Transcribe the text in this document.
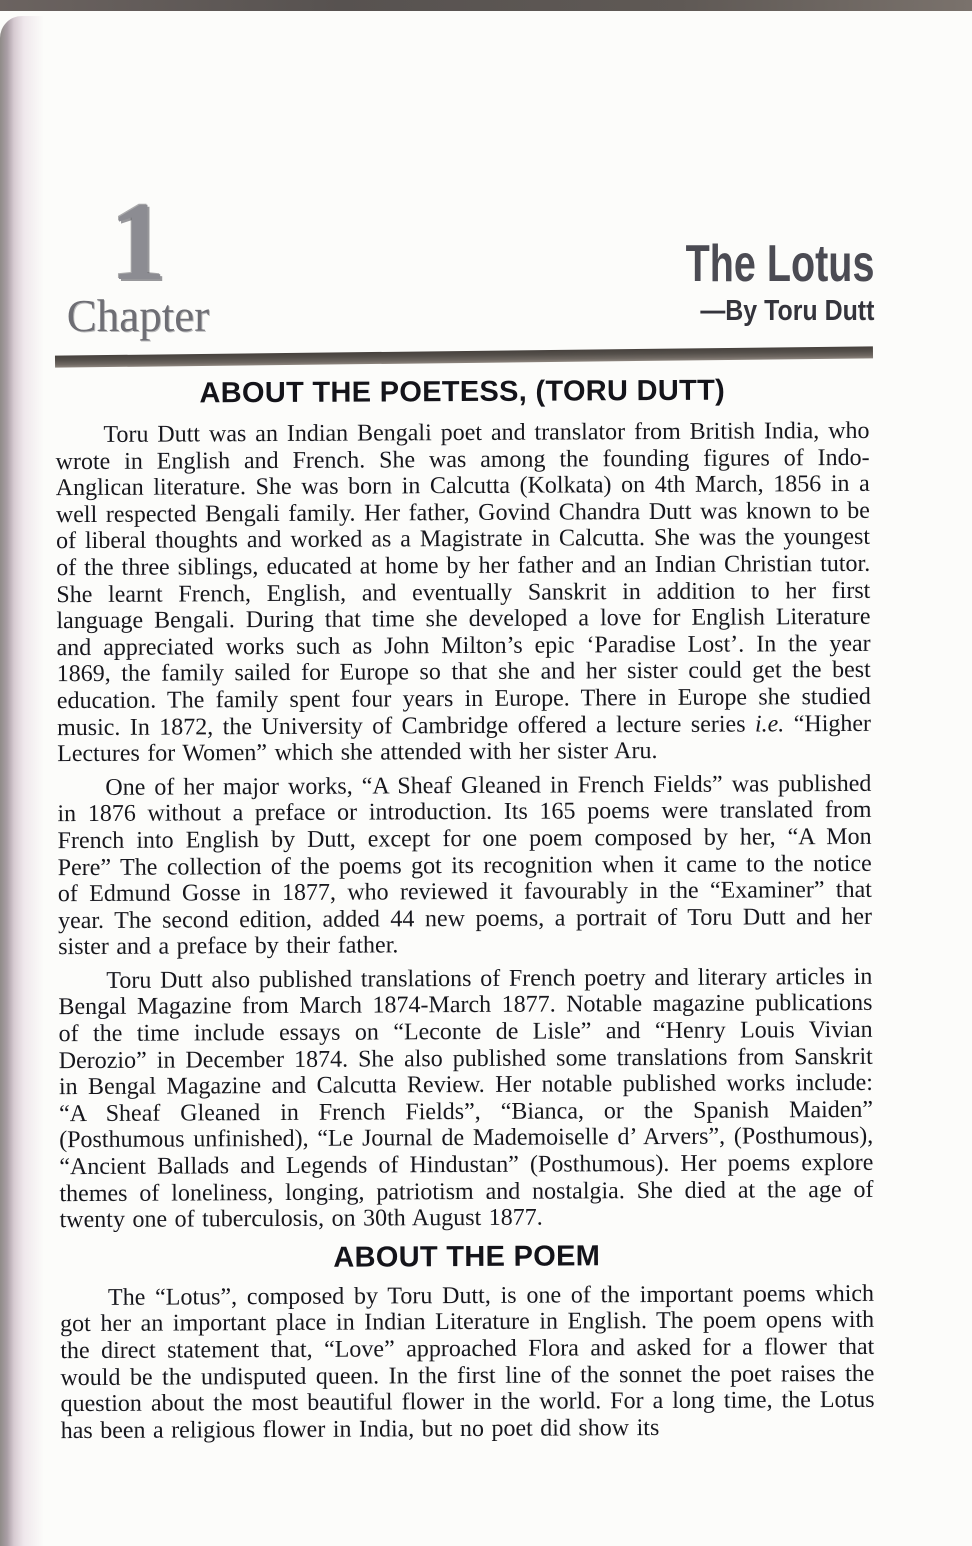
1
Chapter
The Lotus
—By Toru Dutt
ABOUT THE POETESS, (TORU DUTT)

Toru Dutt was an Indian Bengali poet and translator from British India, who wrote in English and French. She was among the founding figures of Indo-Anglican literature. She was born in Calcutta (Kolkata) on 4th March, 1856 in a well respected Bengali family. Her father, Govind Chandra Dutt was known to be of liberal thoughts and worked as a Magistrate in Calcutta. She was the youngest of the three siblings, educated at home by her father and an Indian Christian tutor. She learnt French, English, and eventually Sanskrit in addition to her first language Bengali. During that time she developed a love for English Literature and appreciated works such as John Milton’s epic ‘Paradise Lost’. In the year 1869, the family sailed for Europe so that she and her sister could get the best education. The family spent four years in Europe. There in Europe she studied music. In 1872, the University of Cambridge offered a lecture series i.e. “Higher Lectures for Women” which she attended with her sister Aru.

One of her major works, “A Sheaf Gleaned in French Fields” was published in 1876 without a preface or introduction. Its 165 poems were translated from French into English by Dutt, except for one poem composed by her, “A Mon Pere” The collection of the poems got its recognition when it came to the notice of Edmund Gosse in 1877, who reviewed it favourably in the “Examiner” that year. The second edition, added 44 new poems, a portrait of Toru Dutt and her sister and a preface by their father.

Toru Dutt also published translations of French poetry and literary articles in Bengal Magazine from March 1874-March 1877. Notable magazine publications of the time include essays on “Leconte de Lisle” and “Henry Louis Vivian Derozio” in December 1874. She also published some translations from Sanskrit in Bengal Magazine and Calcutta Review. Her notable published works include: “A Sheaf Gleaned in French Fields”, “Bianca, or the Spanish Maiden” (Posthumous unfinished), “Le Journal de Mademoiselle d’ Arvers”, (Posthumous), “Ancient Ballads and Legends of Hindustan” (Posthumous). Her poems explore themes of loneliness, longing, patriotism and nostalgia. She died at the age of twenty one of tuberculosis, on 30th August 1877.

ABOUT THE POEM

The “Lotus”, composed by Toru Dutt, is one of the important poems which got her an important place in Indian Literature in English. The poem opens with the direct statement that, “Love” approached Flora and asked for a flower that would be the undisputed queen. In the first line of the sonnet the poet raises the question about the most beautiful flower in the world. For a long time, the Lotus has been a religious flower in India, but no poet did show its
